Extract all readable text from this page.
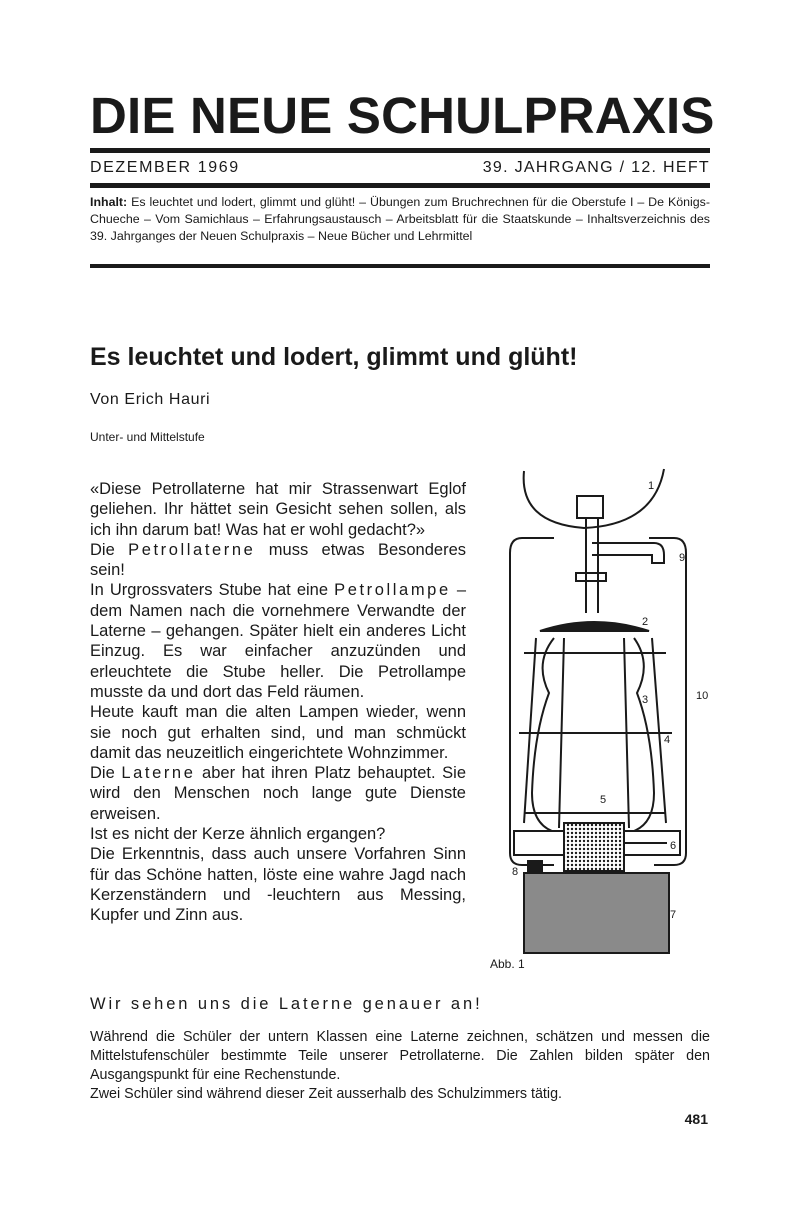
DIE NEUE SCHULPRAXIS
DEZEMBER 1969	39. JAHRGANG / 12. HEFT
Inhalt: Es leuchtet und lodert, glimmt und glüht! – Übungen zum Bruchrechnen für die Oberstufe I – De Königs-Chueche – Vom Samichlaus – Erfahrungsaustausch – Arbeitsblatt für die Staatskunde – Inhaltsverzeichnis des 39. Jahrganges der Neuen Schulpraxis – Neue Bücher und Lehrmittel
Es leuchtet und lodert, glimmt und glüht!
Von Erich Hauri
Unter- und Mittelstufe

«Diese Petrollaterne hat mir Strassenwart Eglof geliehen. Ihr hättet sein Gesicht sehen sollen, als ich ihn darum bat! Was hat er wohl gedacht?»

Die Petrollaterne muss etwas Besonderes sein!

In Urgrossvaters Stube hat eine Petrollampe – dem Namen nach die vornehmere Verwandte der Laterne – gehangen. Später hielt ein anderes Licht Einzug. Es war einfacher anzuzünden und erleuchtete die Stube heller. Die Petrollampe musste da und dort das Feld räumen.

Heute kauft man die alten Lampen wieder, wenn sie noch gut erhalten sind, und man schmückt damit das neuzeitlich eingerichtete Wohnzimmer.

Die Laterne aber hat ihren Platz behauptet. Sie wird den Menschen noch lange gute Dienste erweisen.

Ist es nicht der Kerze ähnlich ergangen?

Die Erkenntnis, dass auch unsere Vorfahren Sinn für das Schöne hatten, löste eine wahre Jagd nach Kerzenständern und -leuchtern aus Messing, Kupfer und Zinn aus.

1
2
3
4
5
6
7
8
9
10
Abb. 1
Wir sehen uns die Laterne genauer an!

Während die Schüler der untern Klassen eine Laterne zeichnen, schätzen und messen die Mittelstufenschüler bestimmte Teile unserer Petrollaterne. Die Zahlen bilden später den Ausgangspunkt für eine Rechenstunde.

Zwei Schüler sind während dieser Zeit ausserhalb des Schulzimmers tätig.

481
